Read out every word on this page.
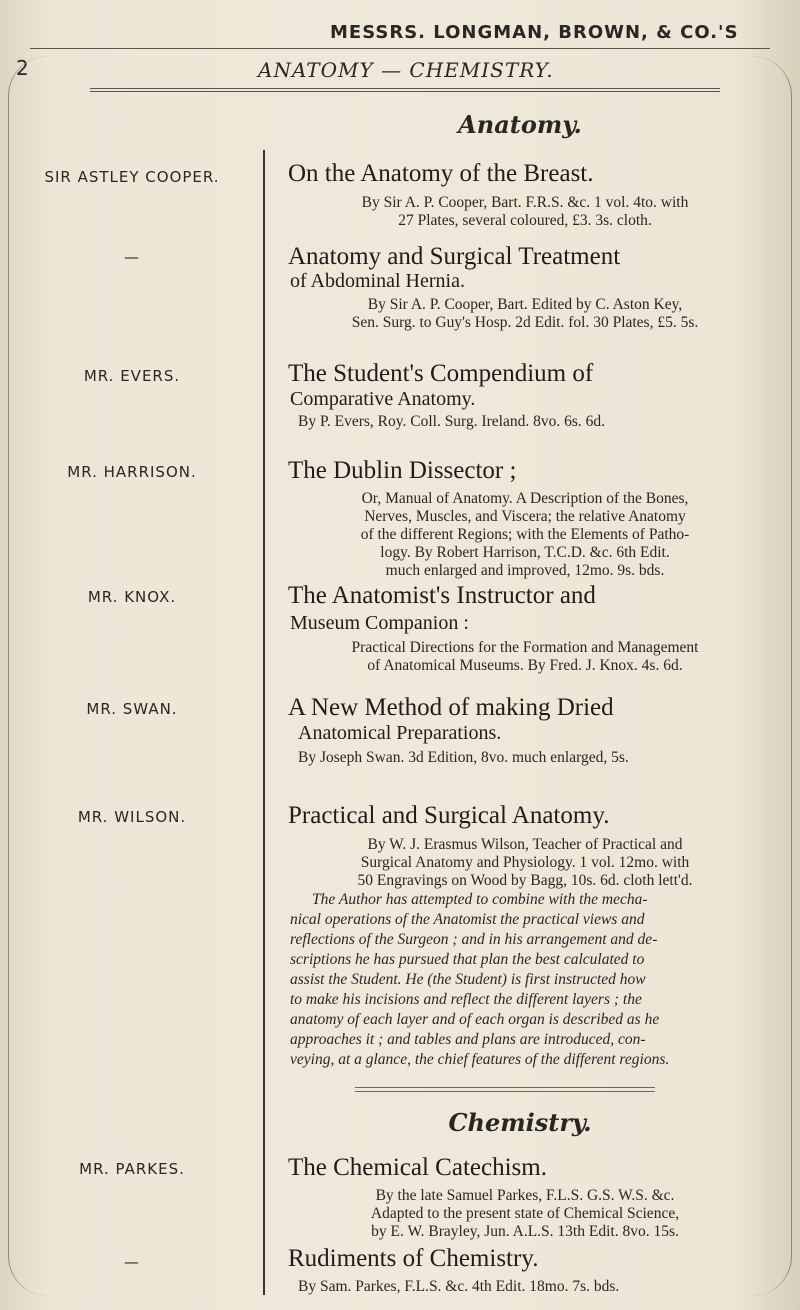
MESSRS. LONGMAN, BROWN, & CO.'S
2	ANATOMY — CHEMISTRY.
Anatomy.
SIR ASTLEY COOPER.	On the Anatomy of the Breast.
By Sir A. P. Cooper, Bart. F.R.S. &c. 1 vol. 4to. with
27 Plates, several coloured, £3. 3s. cloth.
—	Anatomy and Surgical Treatment
of Abdominal Hernia.
By Sir A. P. Cooper, Bart. Edited by C. Aston Key,
Sen. Surg. to Guy's Hosp. 2d Edit. fol. 30 Plates, £5. 5s.
MR. EVERS.	The Student's Compendium of
Comparative Anatomy.
By P. Evers, Roy. Coll. Surg. Ireland. 8vo. 6s. 6d.
MR. HARRISON.	The Dublin Dissector ;
Or, Manual of Anatomy. A Description of the Bones,
Nerves, Muscles, and Viscera; the relative Anatomy
of the different Regions; with the Elements of Patho-
logy. By Robert Harrison, T.C.D. &c. 6th Edit.
much enlarged and improved, 12mo. 9s. bds.
MR. KNOX.	The Anatomist's Instructor and
Museum Companion :
Practical Directions for the Formation and Management
of Anatomical Museums. By Fred. J. Knox. 4s. 6d.
MR. SWAN.	A New Method of making Dried
Anatomical Preparations.
By Joseph Swan. 3d Edition, 8vo. much enlarged, 5s.
MR. WILSON.	Practical and Surgical Anatomy.
By W. J. Erasmus Wilson, Teacher of Practical and
Surgical Anatomy and Physiology. 1 vol. 12mo. with
50 Engravings on Wood by Bagg, 10s. 6d. cloth lett'd.
The Author has attempted to combine with the mecha-
nical operations of the Anatomist the practical views and
reflections of the Surgeon ; and in his arrangement and de-
scriptions he has pursued that plan the best calculated to
assist the Student. He (the Student) is first instructed how
to make his incisions and reflect the different layers ; the
anatomy of each layer and of each organ is described as he
approaches it ; and tables and plans are introduced, con-
veying, at a glance, the chief features of the different regions.
Chemistry.
MR. PARKES.	The Chemical Catechism.
By the late Samuel Parkes, F.L.S. G.S. W.S. &c.
Adapted to the present state of Chemical Science,
by E. W. Brayley, Jun. A.L.S. 13th Edit. 8vo. 15s.
—	Rudiments of Chemistry.
By Sam. Parkes, F.L.S. &c. 4th Edit. 18mo. 7s. bds.
